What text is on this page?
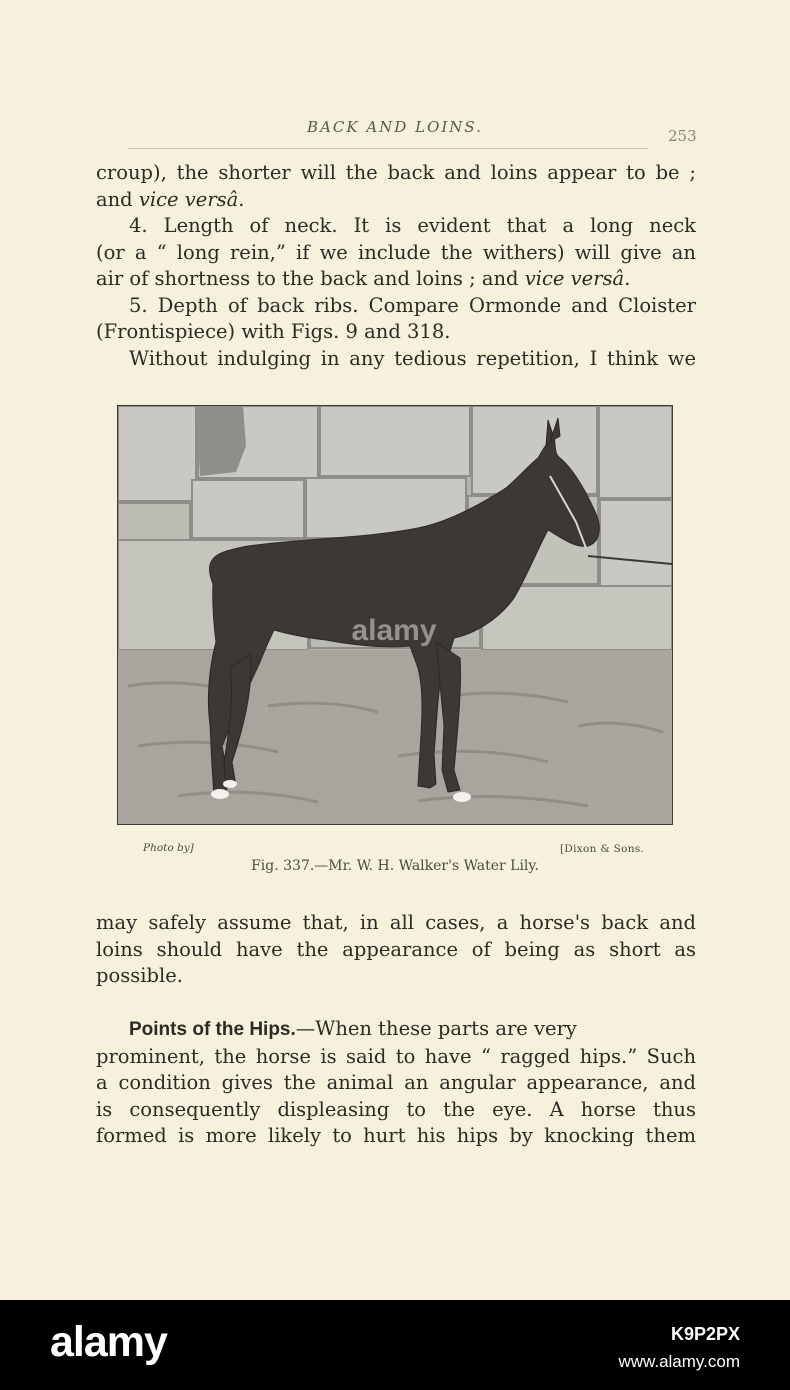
BACK AND LOINS.	253
croup), the shorter will the back and loins appear to be ;
and vice versâ.
4. Length of neck. It is evident that a long neck
(or a “ long rein,” if we include the withers) will give an
air of shortness to the back and loins ; and vice versâ.
5. Depth of back ribs. Compare Ormonde and Cloister
(Frontispiece) with Figs. 9 and 318.
Without indulging in any tedious repetition, I think we
alamy
Photo by]	[Dixon & Sons.
Fig. 337.—Mr. W. H. Walker's Water Lily.
may safely assume that, in all cases, a horse's back and
loins should have the appearance of being as short as
possible.
Points of the Hips.—When these parts are very
prominent, the horse is said to have “ ragged hips.” Such
a condition gives the animal an angular appearance, and
is consequently displeasing to the eye. A horse thus
formed is more likely to hurt his hips by knocking them
alamy	K9P2PX
www.alamy.com
